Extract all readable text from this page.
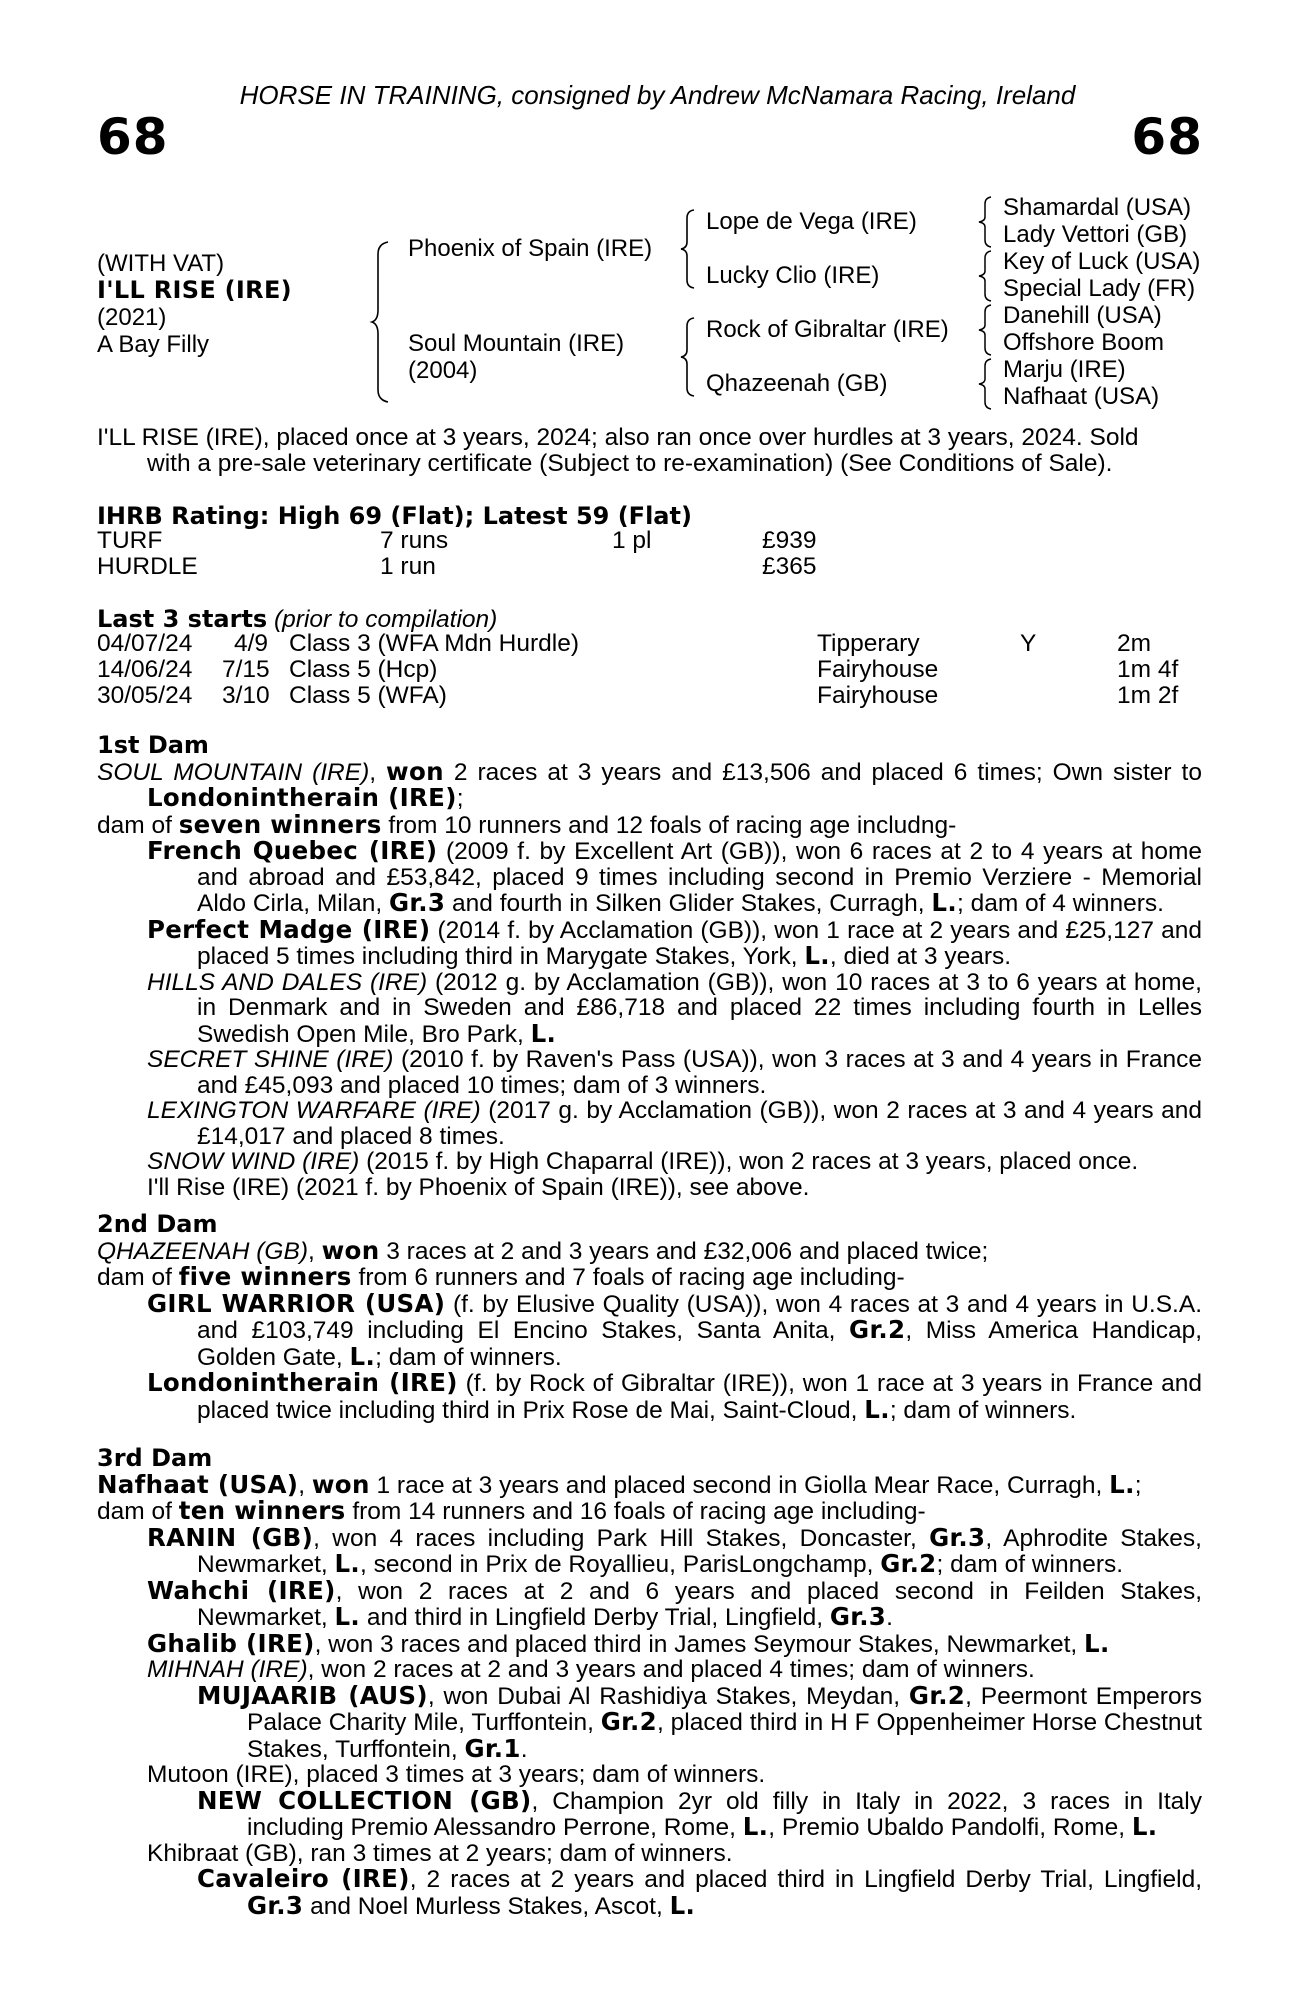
HORSE IN TRAINING, consigned by Andrew McNamara Racing, Ireland
68	68
(WITH VAT)
I'LL RISE (IRE)
(2021)
A Bay Filly
Phoenix of Spain (IRE)
Soul Mountain (IRE)
(2004)
Lope de Vega (IRE)
Lucky Clio (IRE)
Rock of Gibraltar (IRE)
Qhazeenah (GB)
Shamardal (USA)
Lady Vettori (GB)
Key of Luck (USA)
Special Lady (FR)
Danehill (USA)
Offshore Boom
Marju (IRE)
Nafhaat (USA)

I'LL RISE (IRE), placed once at 3 years, 2024; also ran once over hurdles at 3 years, 2024. Sold

with a pre-sale veterinary certificate (Subject to re-examination) (See Conditions of Sale).

IHRB Rating: High 69 (Flat); Latest 59 (Flat)
TURF	7 runs	1 pl	£939
HURDLE	1 run	£365
Last 3 starts (prior to compilation)
04/07/24 4/9 Class 3 (WFA Mdn Hurdle)	Tipperary	Y	2m
14/06/24 7/15 Class 5 (Hcp)	Fairyhouse	1m 4f
30/05/24 3/10 Class 5 (WFA)	Fairyhouse	1m 2f

1st Dam

SOUL MOUNTAIN (IRE), won 2 races at 3 years and £13,506 and placed 6 times; Own sister to Londonintherain (IRE);

dam of seven winners from 10 runners and 12 foals of racing age includng-

French Quebec (IRE) (2009 f. by Excellent Art (GB)), won 6 races at 2 to 4 years at home and abroad and £53,842, placed 9 times including second in Premio Verziere - Memorial Aldo Cirla, Milan, Gr.3 and fourth in Silken Glider Stakes, Curragh, L.; dam of 4 winners.

Perfect Madge (IRE) (2014 f. by Acclamation (GB)), won 1 race at 2 years and £25,127 and placed 5 times including third in Marygate Stakes, York, L., died at 3 years.

HILLS AND DALES (IRE) (2012 g. by Acclamation (GB)), won 10 races at 3 to 6 years at home, in Denmark and in Sweden and £86,718 and placed 22 times including fourth in Lelles Swedish Open Mile, Bro Park, L.

SECRET SHINE (IRE) (2010 f. by Raven's Pass (USA)), won 3 races at 3 and 4 years in France and £45,093 and placed 10 times; dam of 3 winners.

LEXINGTON WARFARE (IRE) (2017 g. by Acclamation (GB)), won 2 races at 3 and 4 years and £14,017 and placed 8 times.

SNOW WIND (IRE) (2015 f. by High Chaparral (IRE)), won 2 races at 3 years, placed once.

I'll Rise (IRE) (2021 f. by Phoenix of Spain (IRE)), see above.

2nd Dam

QHAZEENAH (GB), won 3 races at 2 and 3 years and £32,006 and placed twice;

dam of five winners from 6 runners and 7 foals of racing age including-

GIRL WARRIOR (USA) (f. by Elusive Quality (USA)), won 4 races at 3 and 4 years in U.S.A. and £103,749 including El Encino Stakes, Santa Anita, Gr.2, Miss America Handicap, Golden Gate, L.; dam of winners.

Londonintherain (IRE) (f. by Rock of Gibraltar (IRE)), won 1 race at 3 years in France and placed twice including third in Prix Rose de Mai, Saint-Cloud, L.; dam of winners.

3rd Dam

Nafhaat (USA), won 1 race at 3 years and placed second in Giolla Mear Race, Curragh, L.;

dam of ten winners from 14 runners and 16 foals of racing age including-

RANIN (GB), won 4 races including Park Hill Stakes, Doncaster, Gr.3, Aphrodite Stakes, Newmarket, L., second in Prix de Royallieu, ParisLongchamp, Gr.2; dam of winners.

Wahchi (IRE), won 2 races at 2 and 6 years and placed second in Feilden Stakes, Newmarket, L. and third in Lingfield Derby Trial, Lingfield, Gr.3.

Ghalib (IRE), won 3 races and placed third in James Seymour Stakes, Newmarket, L.

MIHNAH (IRE), won 2 races at 2 and 3 years and placed 4 times; dam of winners.

MUJAARIB (AUS), won Dubai Al Rashidiya Stakes, Meydan, Gr.2, Peermont Emperors Palace Charity Mile, Turffontein, Gr.2, placed third in H F Oppenheimer Horse Chestnut Stakes, Turffontein, Gr.1.

Mutoon (IRE), placed 3 times at 3 years; dam of winners.

NEW COLLECTION (GB), Champion 2yr old filly in Italy in 2022, 3 races in Italy including Premio Alessandro Perrone, Rome, L., Premio Ubaldo Pandolfi, Rome, L.

Khibraat (GB), ran 3 times at 2 years; dam of winners.

Cavaleiro (IRE), 2 races at 2 years and placed third in Lingfield Derby Trial, Lingfield, Gr.3 and Noel Murless Stakes, Ascot, L.
